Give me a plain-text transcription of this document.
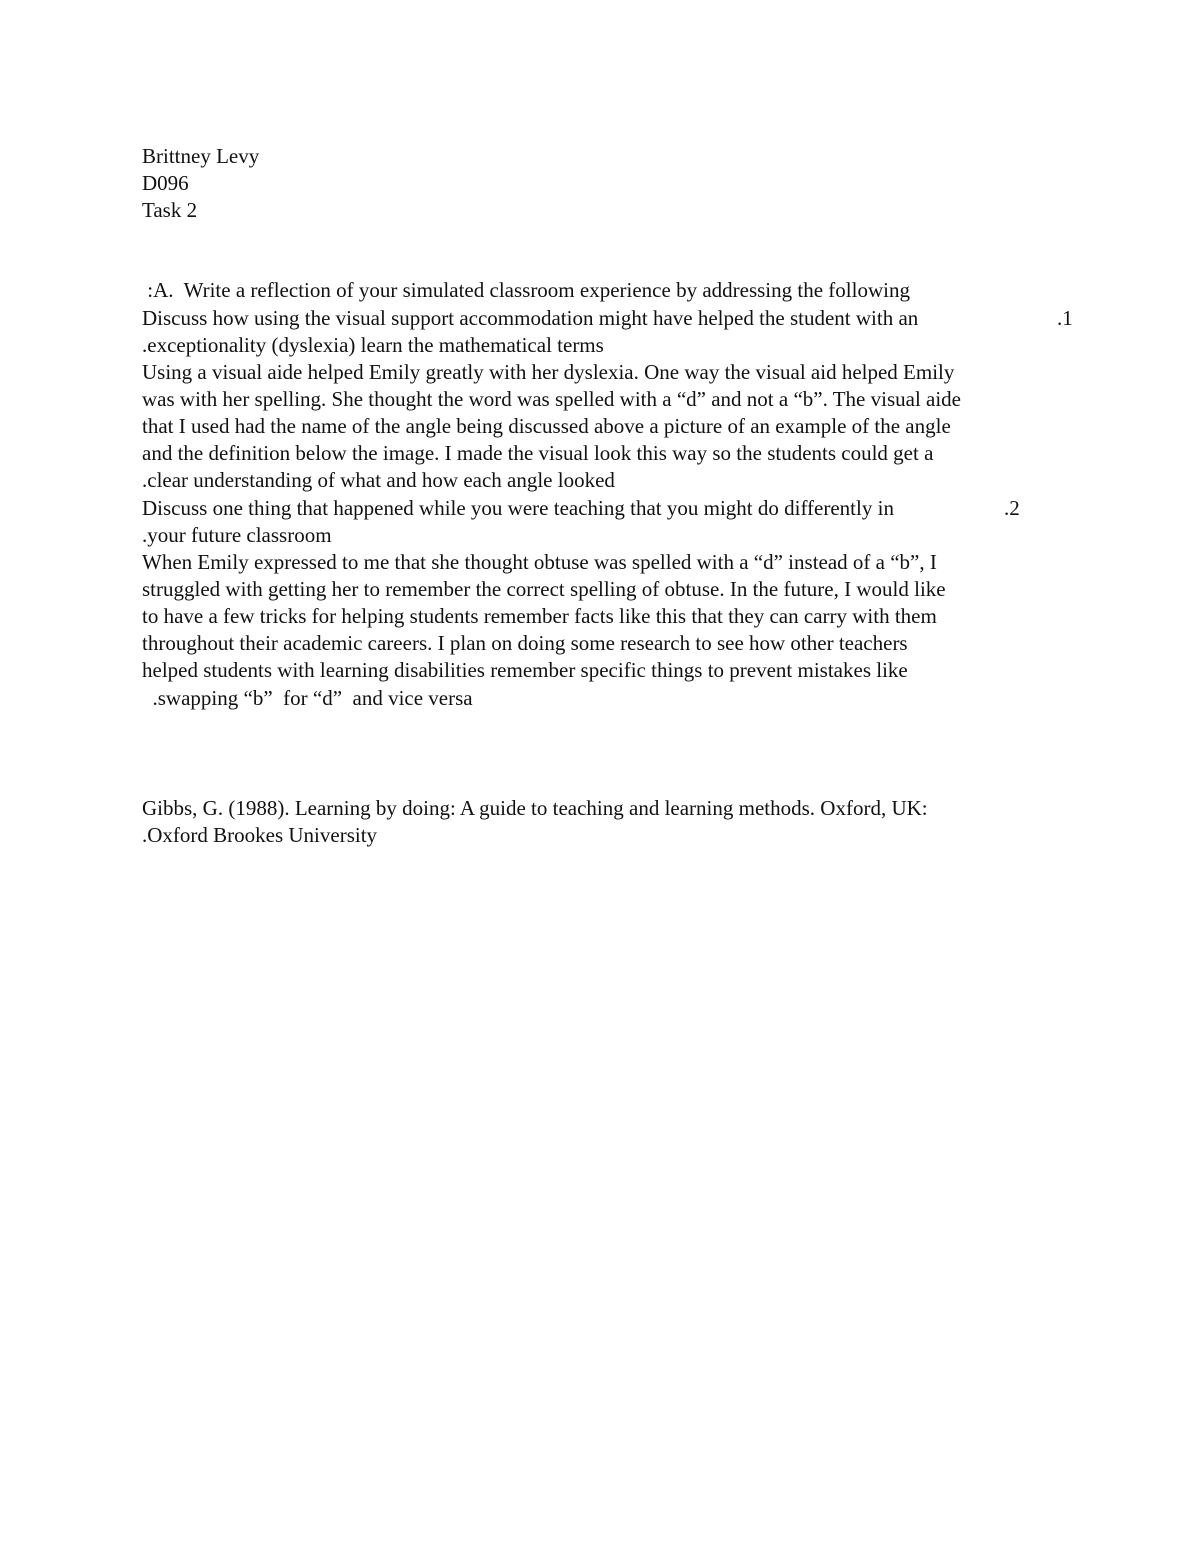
Brittney Levy
D096
Task 2
:A.  Write a reflection of your simulated classroom experience by addressing the following
Discuss how using the visual support accommodation might have helped the student with an	.1
.exceptionality (dyslexia) learn the mathematical terms
Using a visual aide helped Emily greatly with her dyslexia. One way the visual aid helped Emily
was with her spelling. She thought the word was spelled with a “d” and not a “b”. The visual aide
that I used had the name of the angle being discussed above a picture of an example of the angle
and the definition below the image. I made the visual look this way so the students could get a
.clear understanding of what and how each angle looked
Discuss one thing that happened while you were teaching that you might do differently in	.2
.your future classroom
When Emily expressed to me that she thought obtuse was spelled with a “d” instead of a “b”, I
struggled with getting her to remember the correct spelling of obtuse. In the future, I would like
to have a few tricks for helping students remember facts like this that they can carry with them
throughout their academic careers. I plan on doing some research to see how other teachers
helped students with learning disabilities remember specific things to prevent mistakes like
.swapping “b”  for “d”  and vice versa
Gibbs, G. (1988). Learning by doing: A guide to teaching and learning methods. Oxford, UK:
.Oxford Brookes University
